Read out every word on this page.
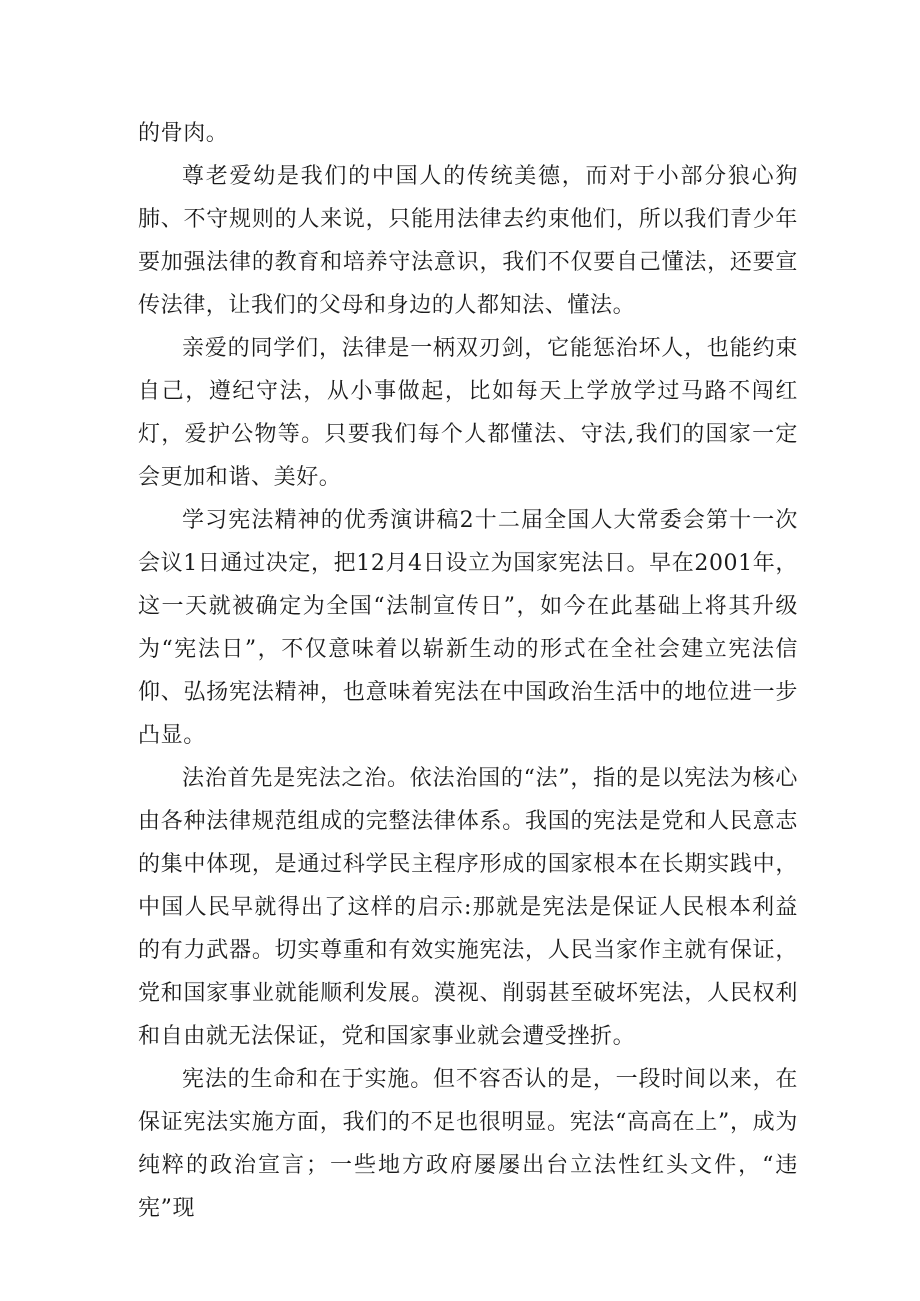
的骨肉。

尊老爱幼是我们的中国人的传统美德，而对于小部分狼心狗肺、不守规则的人来说，只能用法律去约束他们，所以我们青少年要加强法律的教育和培养守法意识，我们不仅要自己懂法，还要宣传法律，让我们的父母和身边的人都知法、懂法。

亲爱的同学们，法律是一柄双刃剑，它能惩治坏人，也能约束自己，遵纪守法，从小事做起，比如每天上学放学过马路不闯红灯，爱护公物等。只要我们每个人都懂法、守法,我们的国家一定会更加和谐、美好。

学习宪法精神的优秀演讲稿2十二届全国人大常委会第十一次会议1日通过决定，把12月4日设立为国家宪法日。早在2001年，这一天就被确定为全国“法制宣传日”，如今在此基础上将其升级为“宪法日”，不仅意味着以崭新生动的形式在全社会建立宪法信仰、弘扬宪法精神，也意味着宪法在中国政治生活中的地位进一步凸显。

法治首先是宪法之治。依法治国的“法”，指的是以宪法为核心由各种法律规范组成的完整法律体系。我国的宪法是党和人民意志的集中体现，是通过科学民主程序形成的国家根本在长期实践中，中国人民早就得出了这样的启示:那就是宪法是保证人民根本利益的有力武器。切实尊重和有效实施宪法，人民当家作主就有保证，党和国家事业就能顺利发展。漠视、削弱甚至破坏宪法，人民权利和自由就无法保证，党和国家事业就会遭受挫折。

宪法的生命和在于实施。但不容否认的是，一段时间以来，在保证宪法实施方面，我们的不足也很明显。宪法“高高在上”，成为纯粹的政治宣言；一些地方政府屡屡出台立法性红头文件，“违宪”现
